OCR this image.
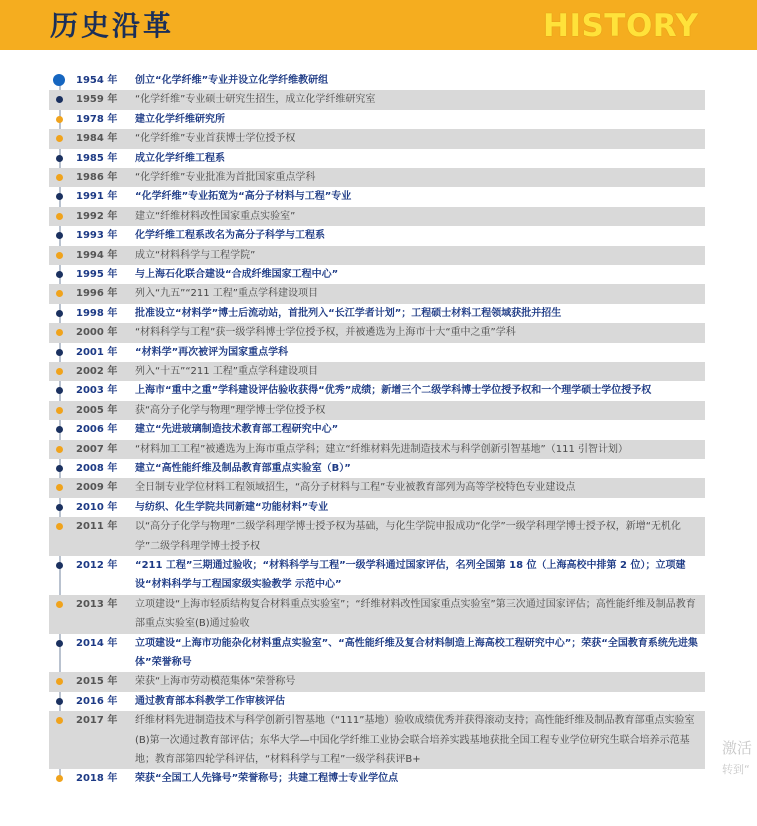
历史沿革	HISTORY
1954 年	创立“化学纤维”专业并设立化学纤维教研组
1959 年	“化学纤维”专业硕士研究生招生，成立化学纤维研究室
1978 年	建立化学纤维研究所
1984 年	“化学纤维”专业首获博士学位授予权
1985 年	成立化学纤维工程系
1986 年	“化学纤维”专业批准为首批国家重点学科
1991 年	“化学纤维”专业拓宽为“高分子材料与工程”专业
1992 年	建立“纤维材料改性国家重点实验室”
1993 年	化学纤维工程系改名为高分子科学与工程系
1994 年	成立“材料科学与工程学院”
1995 年	与上海石化联合建设“合成纤维国家工程中心”
1996 年	列入“九五”“211 工程”重点学科建设项目
1998 年	批准设立“材料学”博士后流动站，首批列入“长江学者计划”；工程硕士材料工程领域获批并招生
2000 年	“材料科学与工程”获一级学科博士学位授予权，并被遴选为上海市十大“重中之重”学科
2001 年	“材料学”再次被评为国家重点学科
2002 年	列入“十五”“211 工程”重点学科建设项目
2003 年	上海市“重中之重”学科建设评估验收获得“优秀”成绩；新增三个二级学科博士学位授予权和一个理学硕士学位授予权
2005 年	获“高分子化学与物理”理学博士学位授予权
2006 年	建立“先进玻璃制造技术教育部工程研究中心”
2007 年	“材料加工工程”被遴选为上海市重点学科；建立“纤维材料先进制造技术与科学创新引智基地”（111 引智计划）
2008 年	建立“高性能纤维及制品教育部重点实验室（B）”
2009 年	全日制专业学位材料工程领域招生，“高分子材料与工程”专业被教育部列为高等学校特色专业建设点
2010 年	与纺织、化生学院共同新建“功能材料”专业
2011 年	以“高分子化学与物理”二级学科理学博士授予权为基础，与化生学院申报成功“化学”一级学科理学博士授予权，新增“无机化学”二级学科理学博士授予权
2012 年	“211 工程”三期通过验收；“材料科学与工程”一级学科通过国家评估，名列全国第 18 位（上海高校中排第 2 位）；立项建设“材料科学与工程国家级实验教学 示范中心”
2013 年	立项建设“上海市轻质结构复合材料重点实验室”；“纤维材料改性国家重点实验室”第三次通过国家评估；高性能纤维及制品教育部重点实验室(B)通过验收
2014 年	立项建设“上海市功能杂化材料重点实验室”、“高性能纤维及复合材料制造上海高校工程研究中心”；荣获“全国教育系统先进集体”荣誉称号
2015 年	荣获“上海市劳动模范集体”荣誉称号
2016 年	通过教育部本科教学工作审核评估
2017 年	纤维材料先进制造技术与科学创新引智基地（“111”基地）验收成绩优秀并获得滚动支持；高性能纤维及制品教育部重点实验室(B)第一次通过教育部评估；东华大学—中国化学纤维工业协会联合培养实践基地获批全国工程专业学位研究生联合培养示范基地；教育部第四轮学科评估，“材料科学与工程”一级学科获评B+
2018 年	荣获“全国工人先锋号”荣誉称号；共建工程博士专业学位点
激活
转到“
